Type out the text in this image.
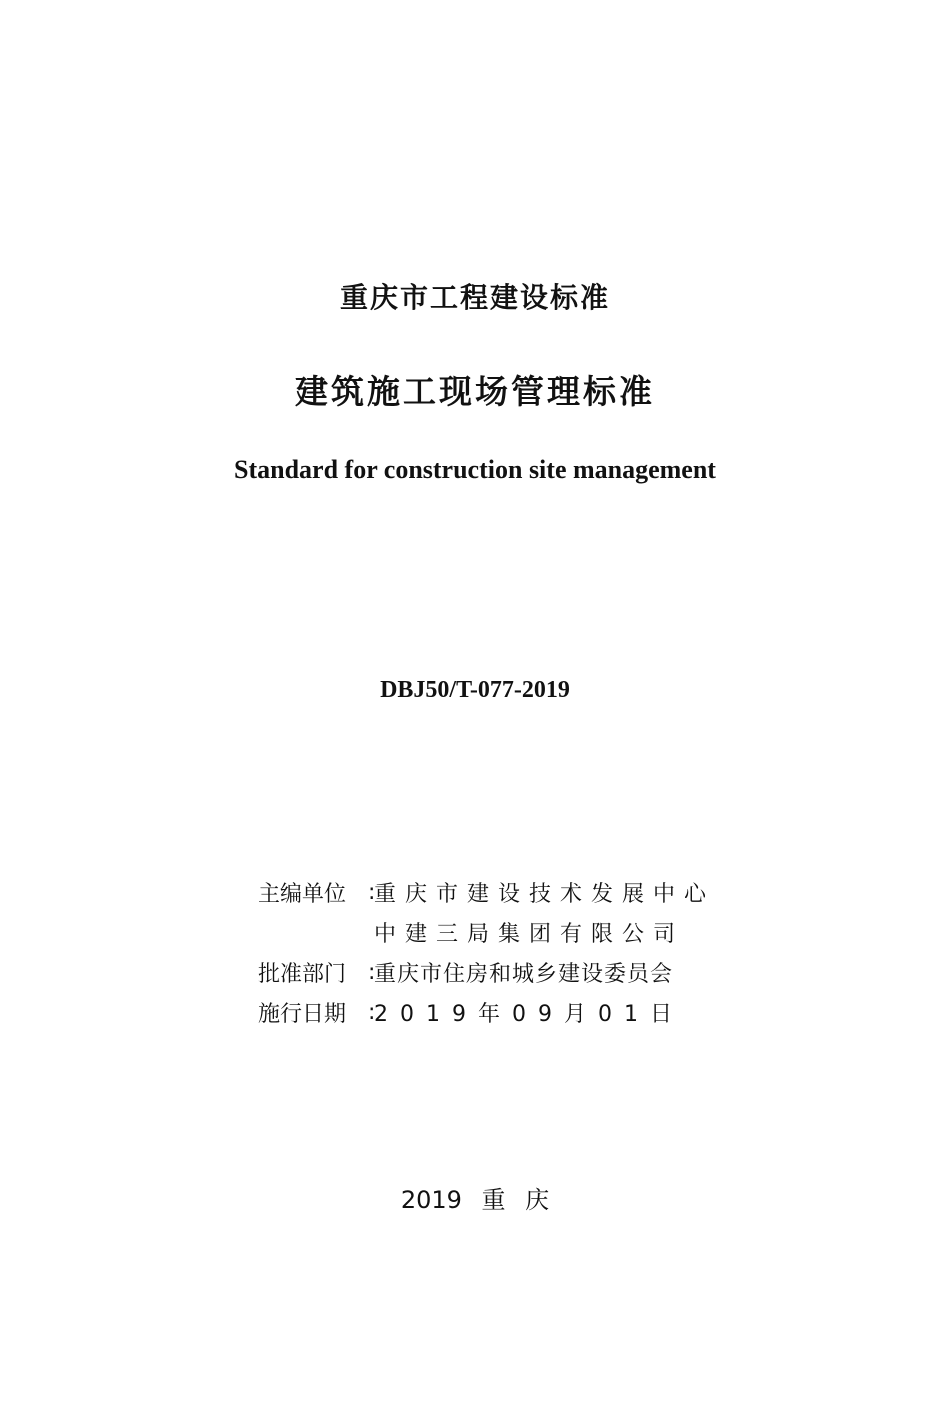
重庆市工程建设标准
建筑施工现场管理标准
Standard for construction site management
DBJ50/T-077-2019
主编单位 :
重庆市建设技术发展中心
中建三局集团有限公司
批准部门 :
重庆市住房和城乡建设委员会
施行日期 :
2019年09月01日
2019 重 庆
